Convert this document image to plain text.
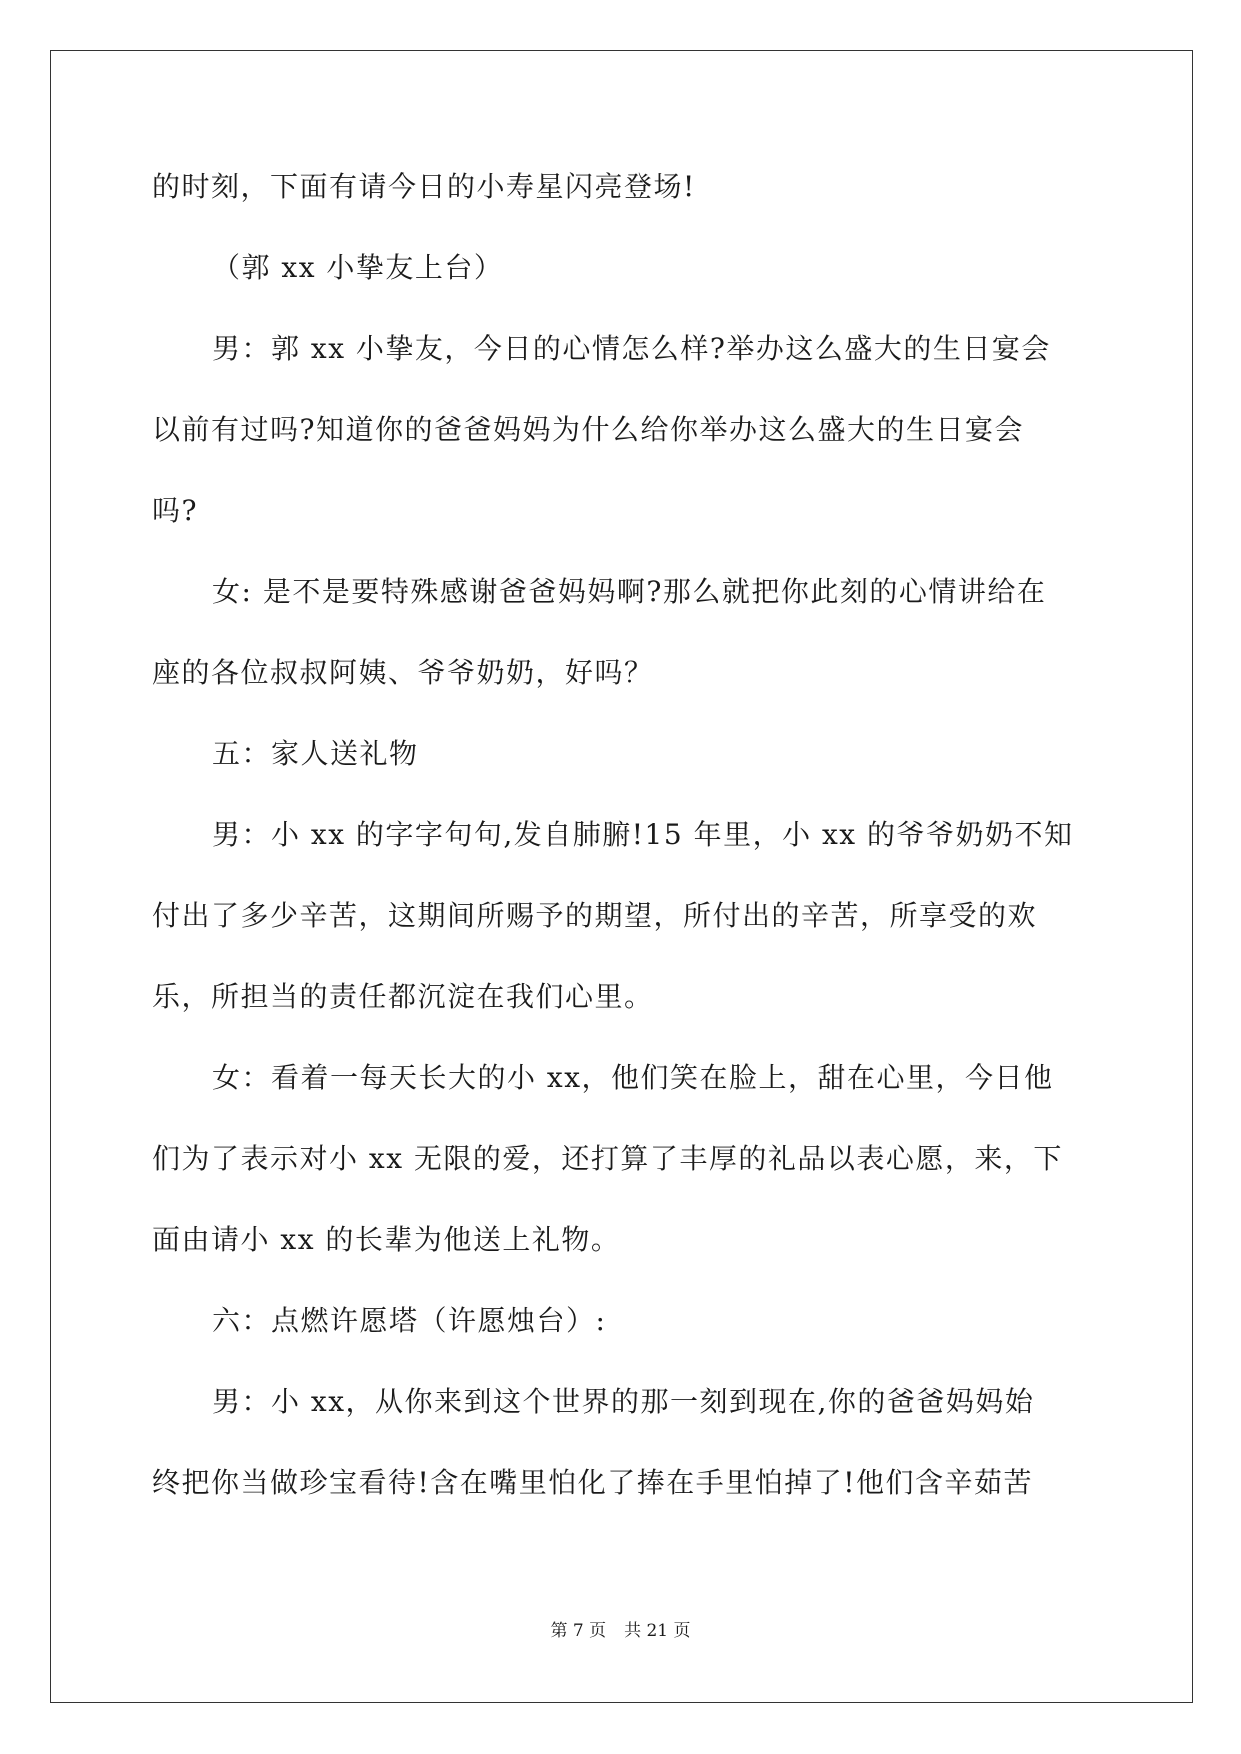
的时刻，下面有请今日的小寿星闪亮登场!
（郭 xx 小挚友上台）
男：郭 xx 小挚友，今日的心情怎么样?举办这么盛大的生日宴会
以前有过吗?知道你的爸爸妈妈为什么给你举办这么盛大的生日宴会
吗?
女: 是不是要特殊感谢爸爸妈妈啊?那么就把你此刻的心情讲给在
座的各位叔叔阿姨、爷爷奶奶，好吗？
五：家人送礼物
男：小 xx 的字字句句,发自肺腑!15 年里，小 xx 的爷爷奶奶不知
付出了多少辛苦，这期间所赐予的期望，所付出的辛苦，所享受的欢
乐，所担当的责任都沉淀在我们心里。
女：看着一每天长大的小 xx，他们笑在脸上，甜在心里，今日他
们为了表示对小 xx 无限的爱，还打算了丰厚的礼品以表心愿，来，下
面由请小 xx 的长辈为他送上礼物。
六：点燃许愿塔（许愿烛台）:
男：小 xx，从你来到这个世界的那一刻到现在,你的爸爸妈妈始
终把你当做珍宝看待!含在嘴里怕化了捧在手里怕掉了!他们含辛茹苦
第 7 页 共 21 页
